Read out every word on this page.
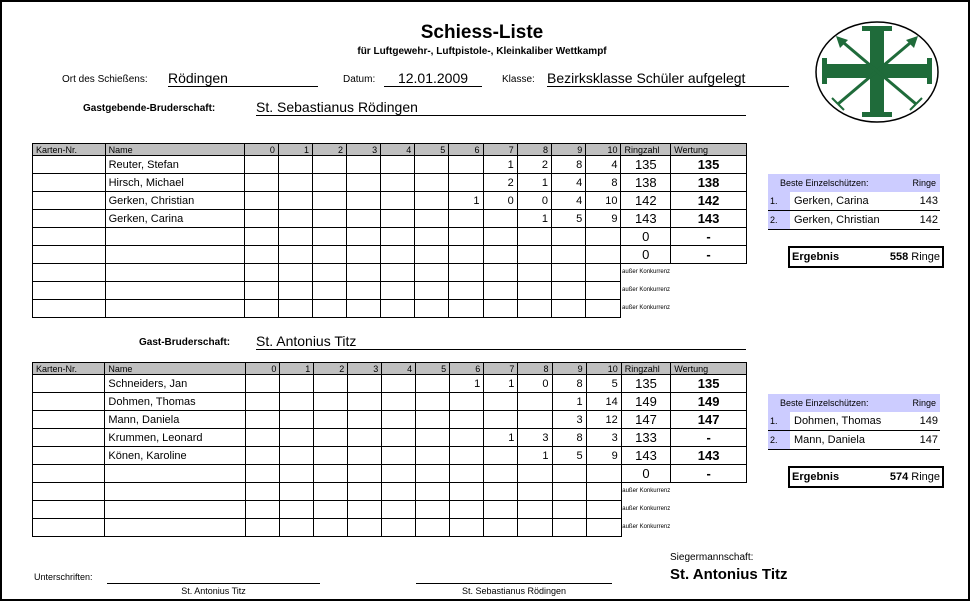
Schiess-Liste
für Luftgewehr-, Luftpistole-, Kleinkaliber Wettkampf
Ort des Schießens: Rödingen	Datum:	12.01.2009	Klasse: Bezirksklasse Schüler aufgelegt
Gastgebende-Bruderschaft:	St. Sebastianus Rödingen
Karten-Nr.	Name	0	1	2	3	4	5	6	7	8	9	10	Ringzahl	Wertung
	Reuter, Stefan								1	2	8	4	135	135
	Hirsch, Michael								2	1	4	8	138	138
	Gerken, Christian							1	0	0	4	10	142	142
	Gerken, Carina									1	5	9	143	143
													0	-
													0	-
													außer Konkurrenz	
													außer Konkurrenz	
													außer Konkurrenz	
Beste Einzelschützen:	Ringe
1.	Gerken, Carina	143
2.	Gerken, Christian	142
Ergebnis	558 Ringe
Gast-Bruderschaft: St. Antonius Titz
Karten-Nr.	Name	0	1	2	3	4	5	6	7	8	9	10	Ringzahl	Wertung
	Schneiders, Jan							1	1	0	8	5	135	135
	Dohmen, Thomas										1	14	149	149
	Mann, Daniela										3	12	147	147
	Krummen, Leonard								1	3	8	3	133	-
	Könen, Karoline									1	5	9	143	143
													0	-
													außer Konkurrenz	
													außer Konkurrenz	
													außer Konkurrenz	
Beste Einzelschützen:	Ringe
1.	Dohmen, Thomas	149
2.	Mann, Daniela	147
Ergebnis	574 Ringe
Siegermannschaft:
St. Antonius Titz
Unterschriften:
St. Antonius Titz	St. Sebastianus Rödingen
